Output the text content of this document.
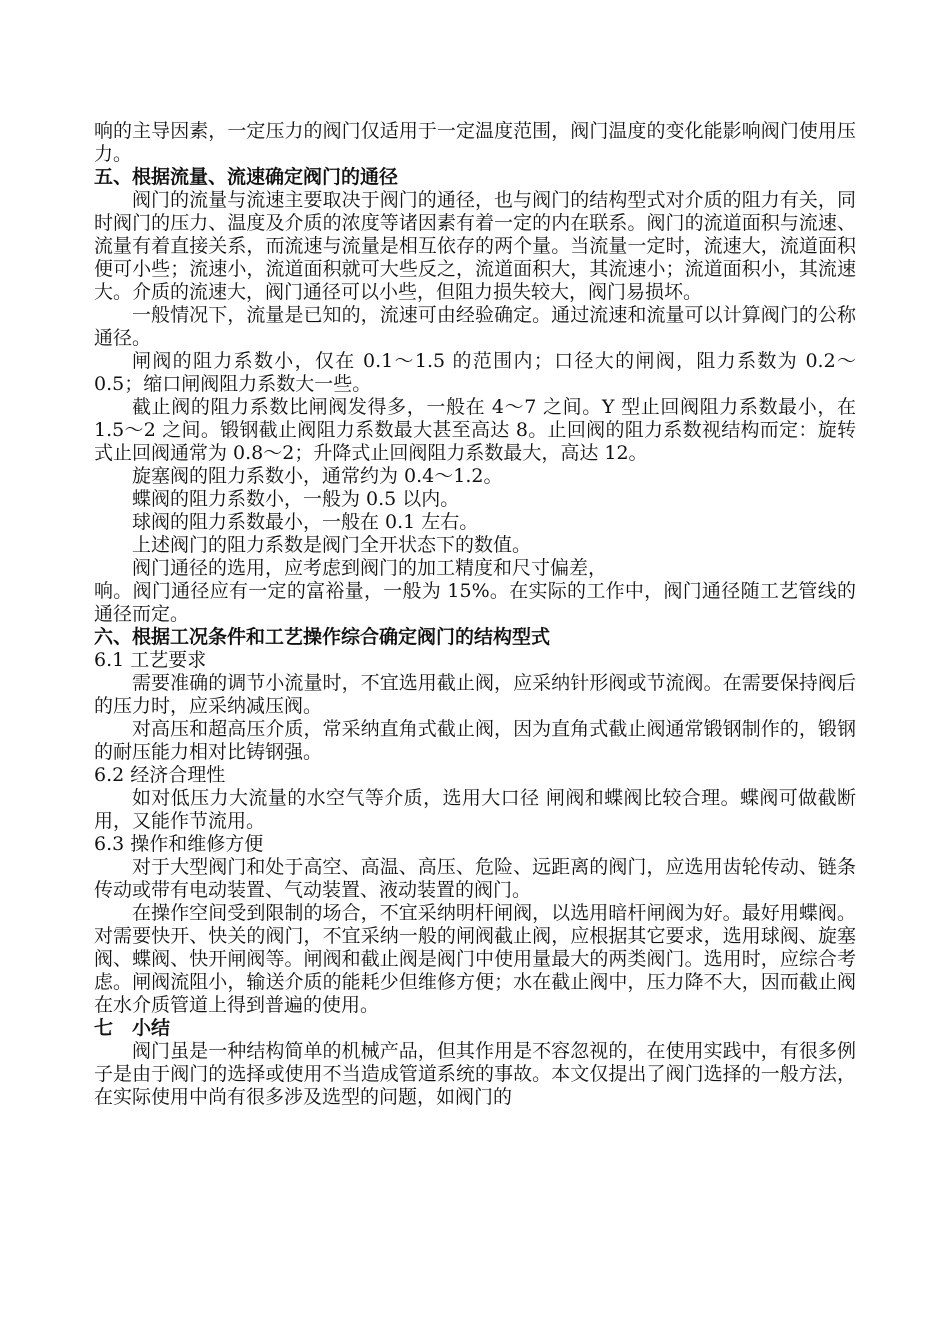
响的主导因素，一定压力的阀门仅适用于一定温度范围，阀门温度的变化能影响阀门使用压力。

五、根据流量、流速确定阀门的通径

阀门的流量与流速主要取决于阀门的通径，也与阀门的结构型式对介质的阻力有关，同时阀门的压力、温度及介质的浓度等诸因素有着一定的内在联系。阀门的流道面积与流速、流量有着直接关系，而流速与流量是相互依存的两个量。当流量一定时，流速大，流道面积便可小些；流速小，流道面积就可大些反之，流道面积大，其流速小；流道面积小，其流速大。介质的流速大，阀门通径可以小些，但阻力损失较大，阀门易损坏。

一般情况下，流量是已知的，流速可由经验确定。通过流速和流量可以计算阀门的公称通径。

闸阀的阻力系数小，仅在 0.1～1.5 的范围内；口径大的闸阀，阻力系数为 0.2～0.5；缩口闸阀阻力系数大一些。

截止阀的阻力系数比闸阀发得多，一般在 4～7 之间。Y 型止回阀阻力系数最小，在 1.5～2 之间。锻钢截止阀阻力系数最大甚至高达 8。止回阀的阻力系数视结构而定：旋转式止回阀通常为 0.8～2；升降式止回阀阻力系数最大，高达 12。

旋塞阀的阻力系数小，通常约为 0.4～1.2。

蝶阀的阻力系数小，一般为 0.5 以内。

球阀的阻力系数最小，一般在 0.1 左右。

上述阀门的阻力系数是阀门全开状态下的数值。

阀门通径的选用，应考虑到阀门的加工精度和尺寸偏差，

响。阀门通径应有一定的富裕量，一般为 15%。在实际的工作中，阀门通径随工艺管线的通径而定。

六、根据工况条件和工艺操作综合确定阀门的结构型式
6.1 工艺要求

需要准确的调节小流量时，不宜选用截止阀，应采纳针形阀或节流阀。在需要保持阀后的压力时，应采纳减压阀。

对高压和超高压介质，常采纳直角式截止阀，因为直角式截止阀通常锻钢制作的，锻钢的耐压能力相对比铸钢强。

6.2 经济合理性

如对低压力大流量的水空气等介质，选用大口径 闸阀和蝶阀比较合理。蝶阀可做截断用，又能作节流用。

6.3 操作和维修方便

对于大型阀门和处于高空、高温、高压、危险、远距离的阀门，应选用齿轮传动、链条传动或带有电动装置、气动装置、液动装置的阀门。

在操作空间受到限制的场合，不宜采纳明杆闸阀，以选用暗杆闸阀为好。最好用蝶阀。对需要快开、快关的阀门，不宜采纳一般的闸阀截止阀，应根据其它要求，选用球阀、旋塞阀、蝶阀、快开闸阀等。闸阀和截止阀是阀门中使用量最大的两类阀门。选用时，应综合考虑。闸阀流阻小，输送介质的能耗少但维修方便；水在截止阀中，压力降不大，因而截止阀在水介质管道上得到普遍的使用。

七　小结

阀门虽是一种结构简单的机械产品，但其作用是不容忽视的，在使用实践中，有很多例子是由于阀门的选择或使用不当造成管道系统的事故。本文仅提出了阀门选择的一般方法，在实际使用中尚有很多涉及选型的问题，如阀门的
